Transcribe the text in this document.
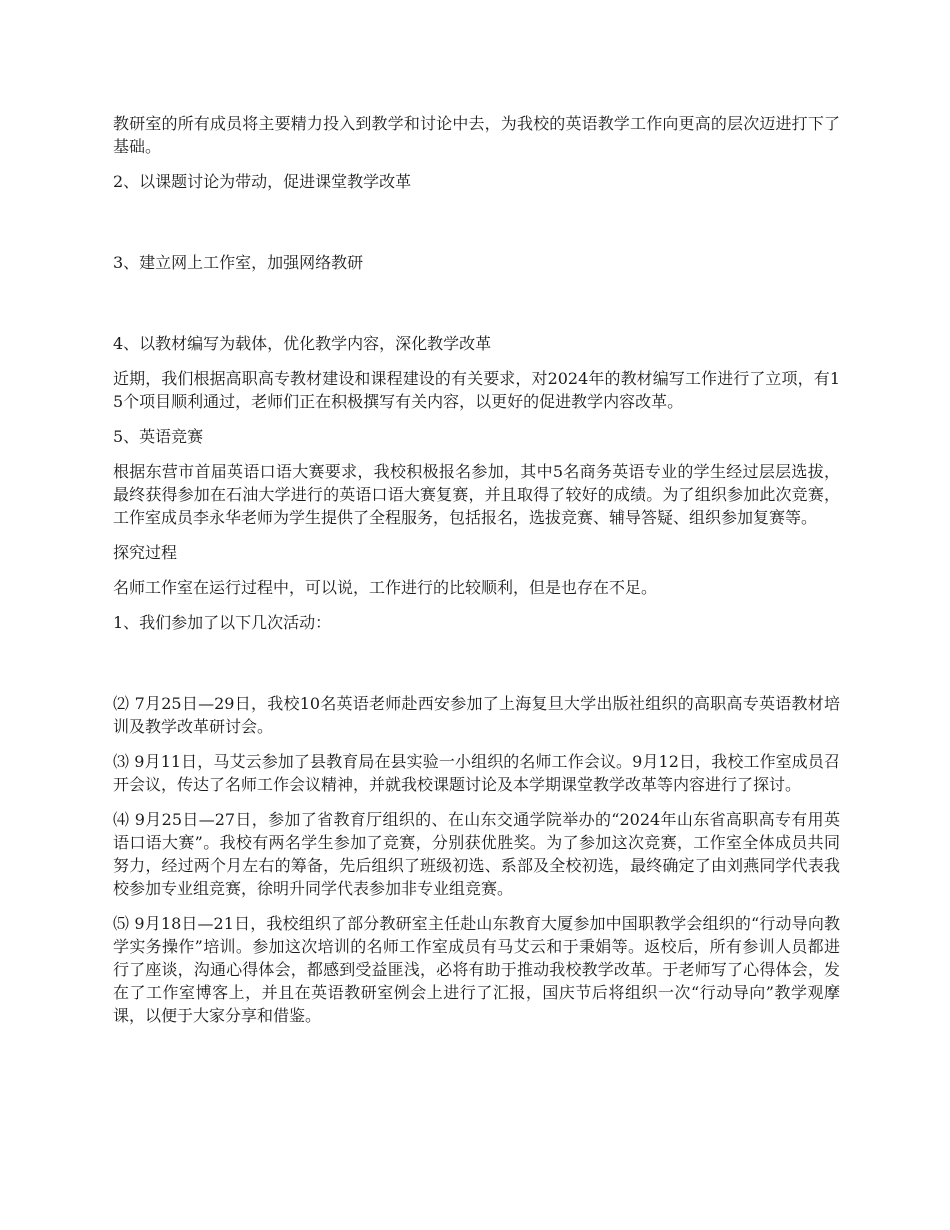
教研室的所有成员将主要精力投入到教学和讨论中去，为我校的英语教学工作向更高的层次迈进打下了基础。

2、以课题讨论为带动，促进课堂教学改革

3、建立网上工作室，加强网络教研

4、以教材编写为载体，优化教学内容，深化教学改革

近期，我们根据高职高专教材建设和课程建设的有关要求，对2024年的教材编写工作进行了立项，有15个项目顺利通过，老师们正在积极撰写有关内容，以更好的促进教学内容改革。

5、英语竞赛

根据东营市首届英语口语大赛要求，我校积极报名参加，其中5名商务英语专业的学生经过层层选拔，最终获得参加在石油大学进行的英语口语大赛复赛，并且取得了较好的成绩。为了组织参加此次竞赛，工作室成员李永华老师为学生提供了全程服务，包括报名，选拔竞赛、辅导答疑、组织参加复赛等。

探究过程

名师工作室在运行过程中，可以说，工作进行的比较顺利，但是也存在不足。

1、我们参加了以下几次活动：

⑵ 7月25日—29日，我校10名英语老师赴西安参加了上海复旦大学出版社组织的高职高专英语教材培训及教学改革研讨会。

⑶ 9月11日，马艾云参加了县教育局在县实验一小组织的名师工作会议。9月12日，我校工作室成员召开会议，传达了名师工作会议精神，并就我校课题讨论及本学期课堂教学改革等内容进行了探讨。

⑷ 9月25日—27日，参加了省教育厅组织的、在山东交通学院举办的“2024年山东省高职高专有用英语口语大赛”。我校有两名学生参加了竞赛，分别获优胜奖。为了参加这次竞赛，工作室全体成员共同努力，经过两个月左右的筹备，先后组织了班级初选、系部及全校初选，最终确定了由刘燕同学代表我校参加专业组竞赛，徐明升同学代表参加非专业组竞赛。

⑸ 9月18日—21日，我校组织了部分教研室主任赴山东教育大厦参加中国职教学会组织的“行动导向教学实务操作”培训。参加这次培训的名师工作室成员有马艾云和于秉娟等。返校后，所有参训人员都进行了座谈，沟通心得体会，都感到受益匪浅，必将有助于推动我校教学改革。于老师写了心得体会，发在了工作室博客上，并且在英语教研室例会上进行了汇报，国庆节后将组织一次“行动导向”教学观摩课，以便于大家分享和借鉴。
